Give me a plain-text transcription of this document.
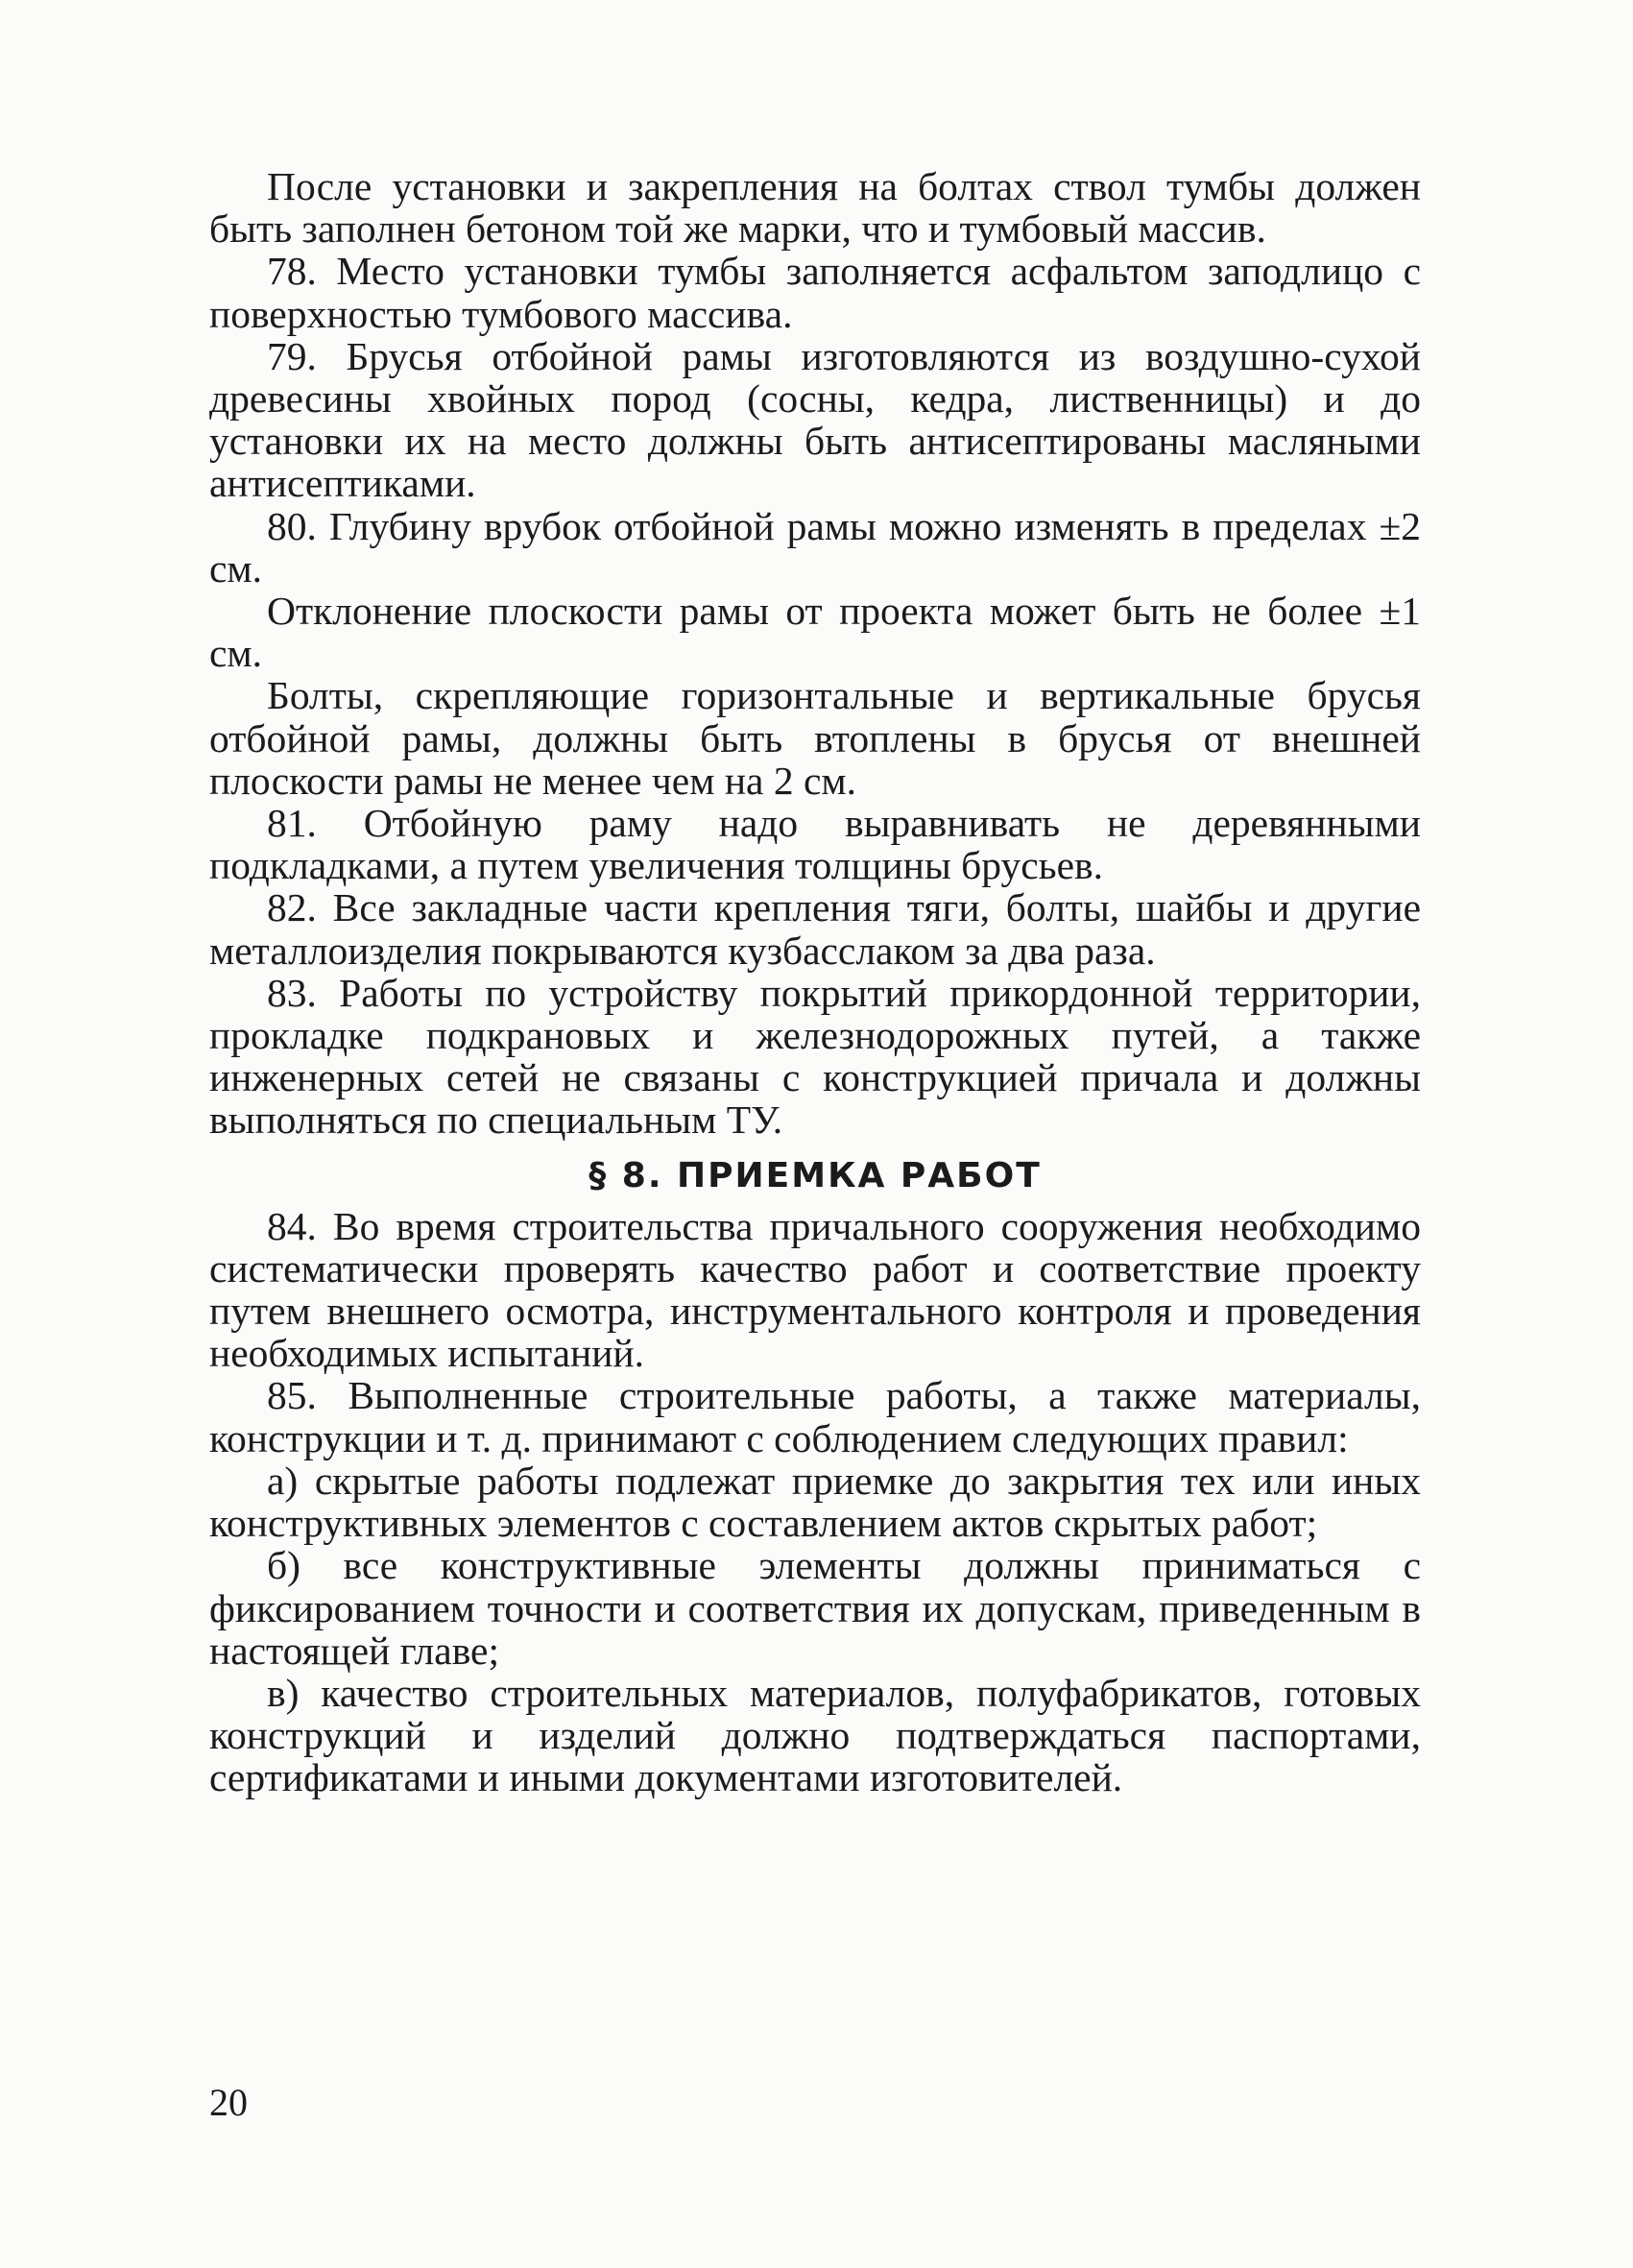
После установки и закрепления на болтах ствол тумбы должен быть заполнен бетоном той же марки, что и тумбовый массив.

78. Место установки тумбы заполняется асфальтом заподлицо с поверхностью тумбового массива.

79. Брусья отбойной рамы изготовляются из воздушно-сухой древесины хвойных пород (сосны, кедра, лиственницы) и до установки их на место должны быть антисептированы масляными антисептиками.

80. Глубину врубок отбойной рамы можно изменять в пределах ±2 см.

Отклонение плоскости рамы от проекта может быть не более ±1 см.

Болты, скрепляющие горизонтальные и вертикальные брусья отбойной рамы, должны быть втоплены в брусья от внешней плоскости рамы не менее чем на 2 см.

81. Отбойную раму надо выравнивать не деревянными подкладками, а путем увеличения толщины брусьев.

82. Все закладные части крепления тяги, болты, шайбы и другие металлоизделия покрываются кузбасслаком за два раза.

83. Работы по устройству покрытий прикордонной территории, прокладке подкрановых и железнодорожных путей, а также инженерных сетей не связаны с конструкцией причала и должны выполняться по специальным ТУ.

§ 8. ПРИЕМКА РАБОТ

84. Во время строительства причального сооружения необходимо систематически проверять качество работ и соответствие проекту путем внешнего осмотра, инструментального контроля и проведения необходимых испытаний.

85. Выполненные строительные работы, а также материалы, конструкции и т. д. принимают с соблюдением следующих правил:

а) скрытые работы подлежат приемке до закрытия тех или иных конструктивных элементов с составлением актов скрытых работ;

б) все конструктивные элементы должны приниматься с фиксированием точности и соответствия их допускам, приведенным в настоящей главе;

в) качество строительных материалов, полуфабрикатов, готовых конструкций и изделий должно подтверждаться паспортами, сертификатами и иными документами изготовителей.

20
